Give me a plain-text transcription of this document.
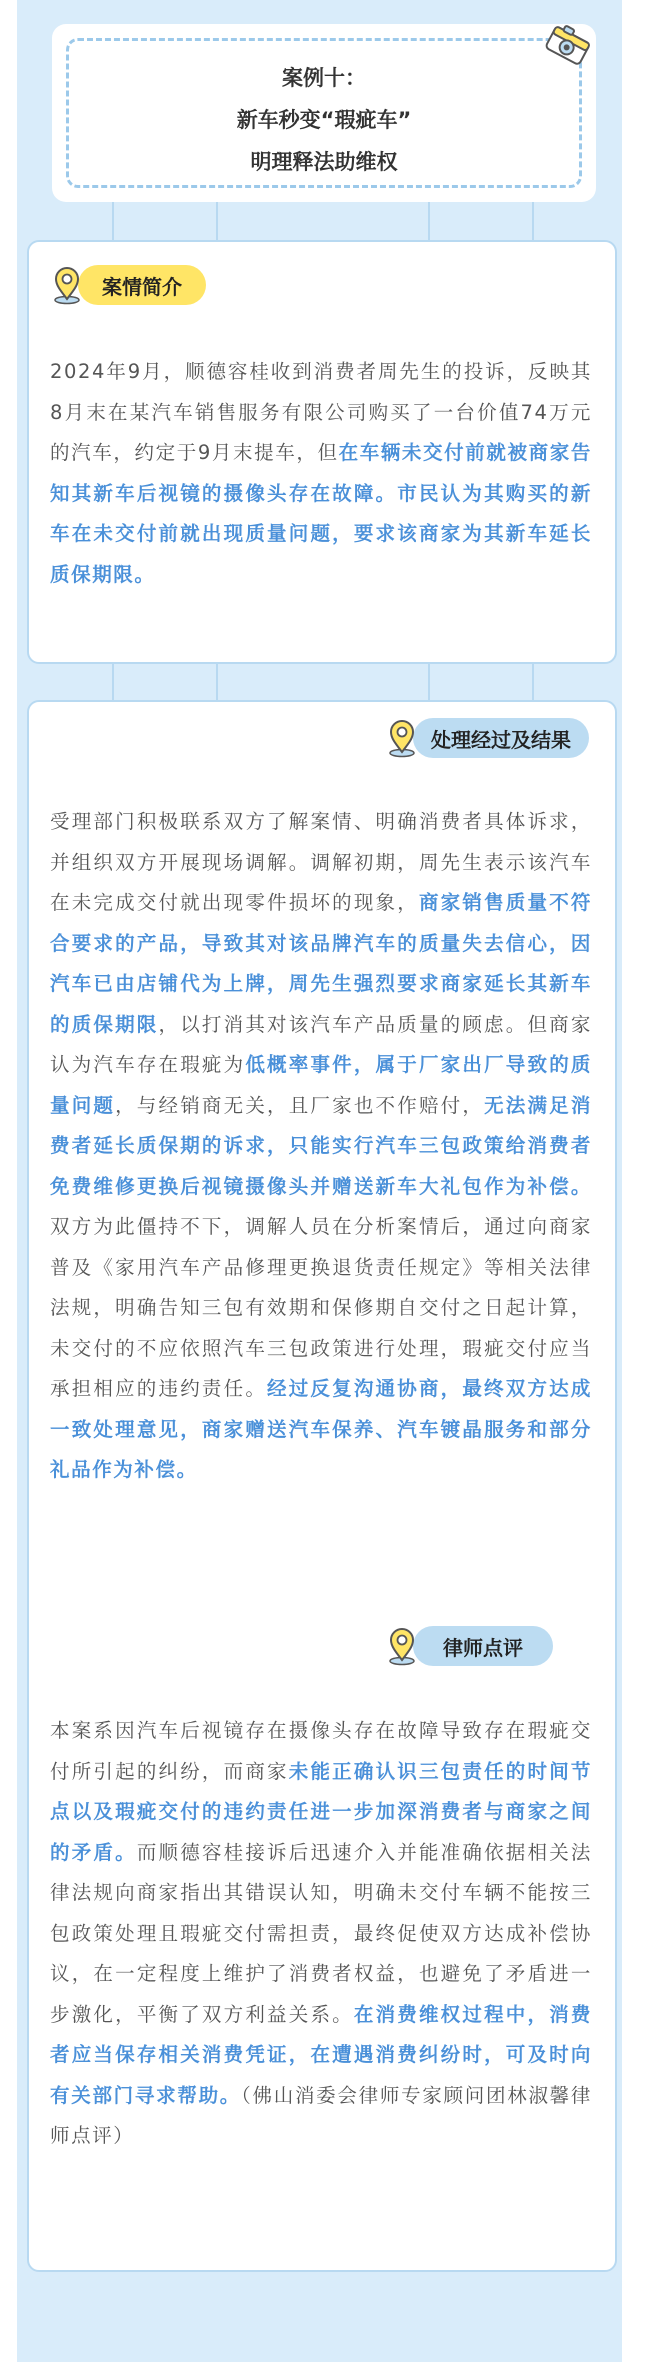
案例十：
新车秒变“瑕疵车”
明理释法助维权
案情简介

2024年9月，顺德容桂收到消费者周先生的投诉，反映其8月末在某汽车销售服务有限公司购买了一台价值74万元的汽车，约定于9月末提车，但在车辆未交付前就被商家告知其新车后视镜的摄像头存在故障。市民认为其购买的新车在未交付前就出现质量问题，要求该商家为其新车延长质保期限。

处理经过及结果

受理部门积极联系双方了解案情、明确消费者具体诉求，并组织双方开展现场调解。调解初期，周先生表示该汽车在未完成交付就出现零件损坏的现象，商家销售质量不符合要求的产品，导致其对该品牌汽车的质量失去信心，因汽车已由店铺代为上牌，周先生强烈要求商家延长其新车的质保期限，以打消其对该汽车产品质量的顾虑。但商家认为汽车存在瑕疵为低概率事件，属于厂家出厂导致的质量问题，与经销商无关，且厂家也不作赔付，无法满足消费者延长质保期的诉求，只能实行汽车三包政策给消费者免费维修更换后视镜摄像头并赠送新车大礼包作为补偿。双方为此僵持不下，调解人员在分析案情后，通过向商家普及《家用汽车产品修理更换退货责任规定》等相关法律法规，明确告知三包有效期和保修期自交付之日起计算，未交付的不应依照汽车三包政策进行处理，瑕疵交付应当承担相应的违约责任。经过反复沟通协商，最终双方达成一致处理意见，商家赠送汽车保养、汽车镀晶服务和部分礼品作为补偿。

律师点评

本案系因汽车后视镜存在摄像头存在故障导致存在瑕疵交付所引起的纠纷，而商家未能正确认识三包责任的时间节点以及瑕疵交付的违约责任进一步加深消费者与商家之间的矛盾。而顺德容桂接诉后迅速介入并能准确依据相关法律法规向商家指出其错误认知，明确未交付车辆不能按三包政策处理且瑕疵交付需担责，最终促使双方达成补偿协议，在一定程度上维护了消费者权益，也避免了矛盾进一步激化，平衡了双方利益关系。在消费维权过程中，消费者应当保存相关消费凭证，在遭遇消费纠纷时，可及时向有关部门寻求帮助。（佛山消委会律师专家顾问团林淑馨律师点评）
